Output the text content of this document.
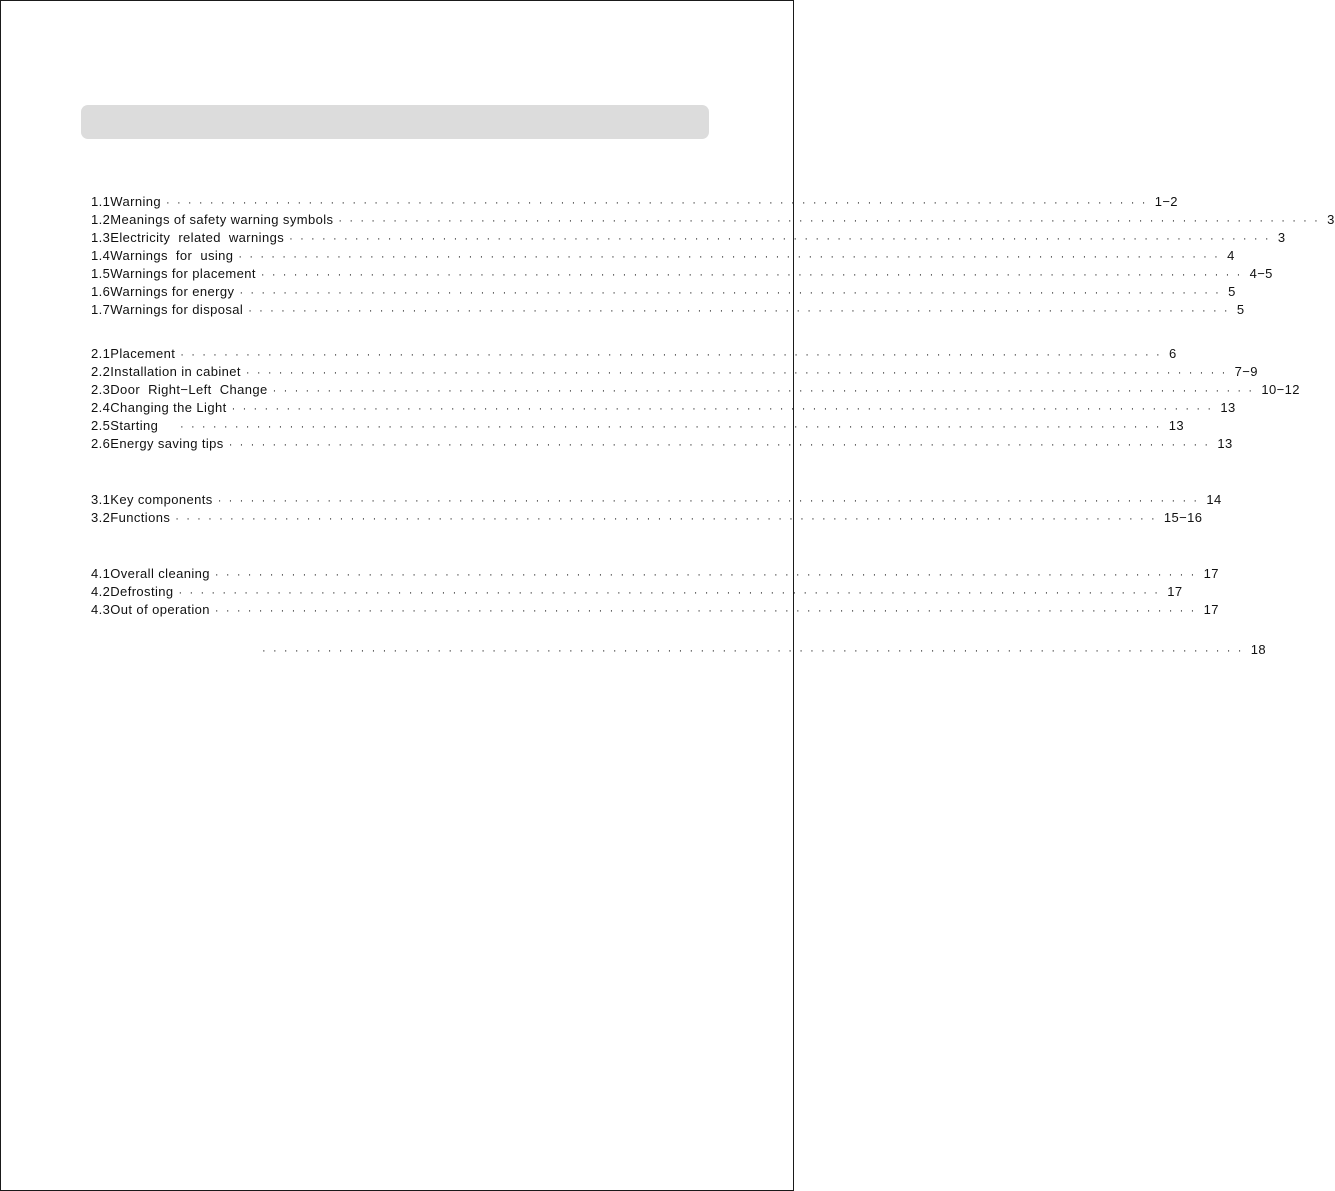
1.1Warning ·························································································· 1−2
1.2Meanings of safety warning symbols ·························································································· 3
1.3Electricity  related  warnings ·························································································· 3
1.4Warnings  for  using ·························································································· 4
1.5Warnings for placement ·························································································· 4−5
1.6Warnings for energy ·························································································· 5
1.7Warnings for disposal ·························································································· 5
2.1Placement ·························································································· 6
2.2Installation in cabinet ·························································································· 7−9
2.3Door  Right−Left  Change ·························································································· 10−12
2.4Changing the Light ·························································································· 13
2.5Starting	·························································································· 13
2.6Energy saving tips ·························································································· 13
3.1Key components ·························································································· 14
3.2Functions ·························································································· 15−16
4.1Overall cleaning ·························································································· 17
4.2Defrosting ·························································································· 17
4.3Out of operation ·························································································· 17
·························································································· 18
